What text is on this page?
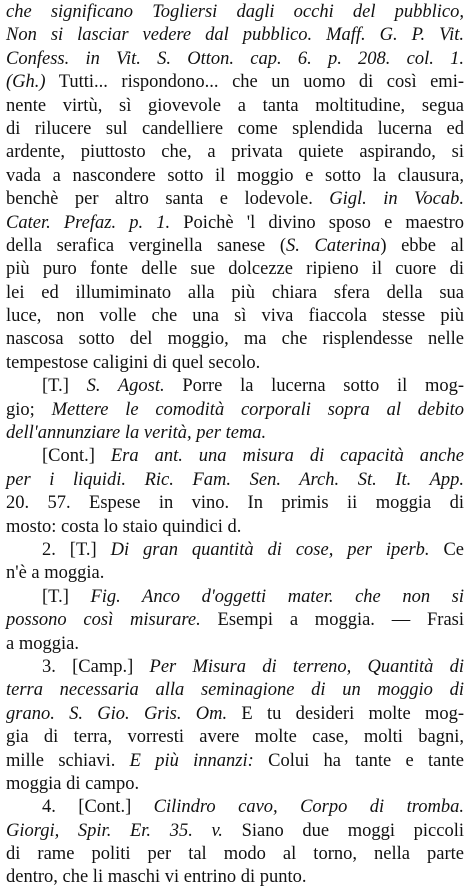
che significano Togliersi dagli occhi del pubblico,
Non si lasciar vedere dal pubblico. Maff. G. P. Vit.
Confess. in Vit. S. Otton. cap. 6. p. 208. col. 1.
(Gh.) Tutti... rispondono... che un uomo di così emi-
nente virtù, sì giovevole a tanta moltitudine, segua
di rilucere sul candelliere come splendida lucerna ed
ardente, piuttosto che, a privata quiete aspirando, si
vada a nascondere sotto il moggio e sotto la clausura,
benchè per altro santa e lodevole. Gigl. in Vocab.
Cater. Prefaz. p. 1. Poichè 'l divino sposo e maestro
della serafica verginella sanese (S. Caterina) ebbe al
più puro fonte delle sue dolcezze ripieno il cuore di
lei ed illumiminato alla più chiara sfera della sua
luce, non volle che una sì viva fiaccola stesse più
nascosa sotto del moggio, ma che risplendesse nelle
tempestose caligini di quel secolo.
[T.] S. Agost. Porre la lucerna sotto il mog-
gio; Mettere le comodità corporali sopra al debito
dell'annunziare la verità, per tema.
[Cont.] Era ant. una misura di capacità anche
per i liquidi. Ric. Fam. Sen. Arch. St. It. App.
20. 57. Espese in vino. In primis ii moggia di
mosto: costa lo staio quindici d.
2. [T.] Di gran quantità di cose, per iperb. Ce
n'è a moggia.
[T.] Fig. Anco d'oggetti mater. che non si
possono così misurare. Esempi a moggia. — Frasi
a moggia.
3. [Camp.] Per Misura di terreno, Quantità di
terra necessaria alla seminagione di un moggio di
grano. S. Gio. Gris. Om. E tu desideri molte mog-
gia di terra, vorresti avere molte case, molti bagni,
mille schiavi. E più innanzi: Colui ha tante e tante
moggia di campo.
4. [Cont.] Cilindro cavo, Corpo di tromba.
Giorgi, Spir. Er. 35. v. Siano due moggi piccoli
di rame politi per tal modo al torno, nella parte
dentro, che li maschi vi entrino di punto.
